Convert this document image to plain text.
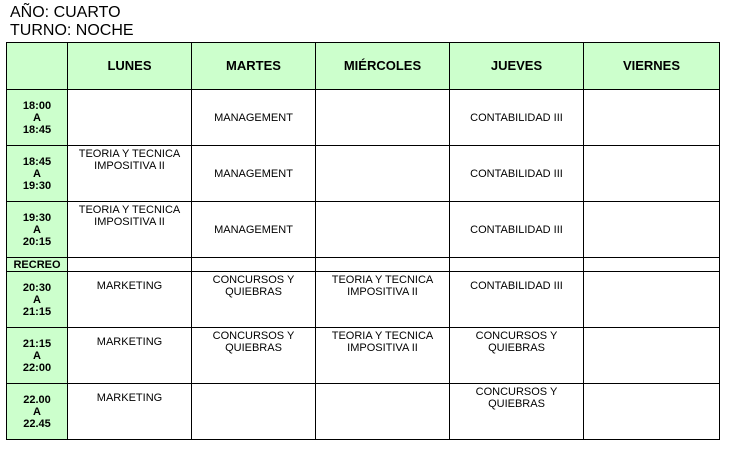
AÑO: CUARTO
TURNO: NOCHE
	LUNES	MARTES	MIÉRCOLES	JUEVES	VIERNES

18:00
A
18:45		MANAGEMENT		CONTABILIDAD III	

18:45
A
19:30	TEORIA Y TECNICA IMPOSITIVA II	MANAGEMENT		CONTABILIDAD III	

19:30
A
20:15	TEORIA Y TECNICA IMPOSITIVA II	MANAGEMENT		CONTABILIDAD III	

RECREO					

20:30
A
21:15	MARKETING	CONCURSOS Y QUIEBRAS	TEORIA Y TECNICA IMPOSITIVA II	CONTABILIDAD III	

21:15
A
22:00	MARKETING	CONCURSOS Y QUIEBRAS	TEORIA Y TECNICA IMPOSITIVA II	CONCURSOS Y QUIEBRAS	

22.00
A
22.45	MARKETING			CONCURSOS Y QUIEBRAS	
